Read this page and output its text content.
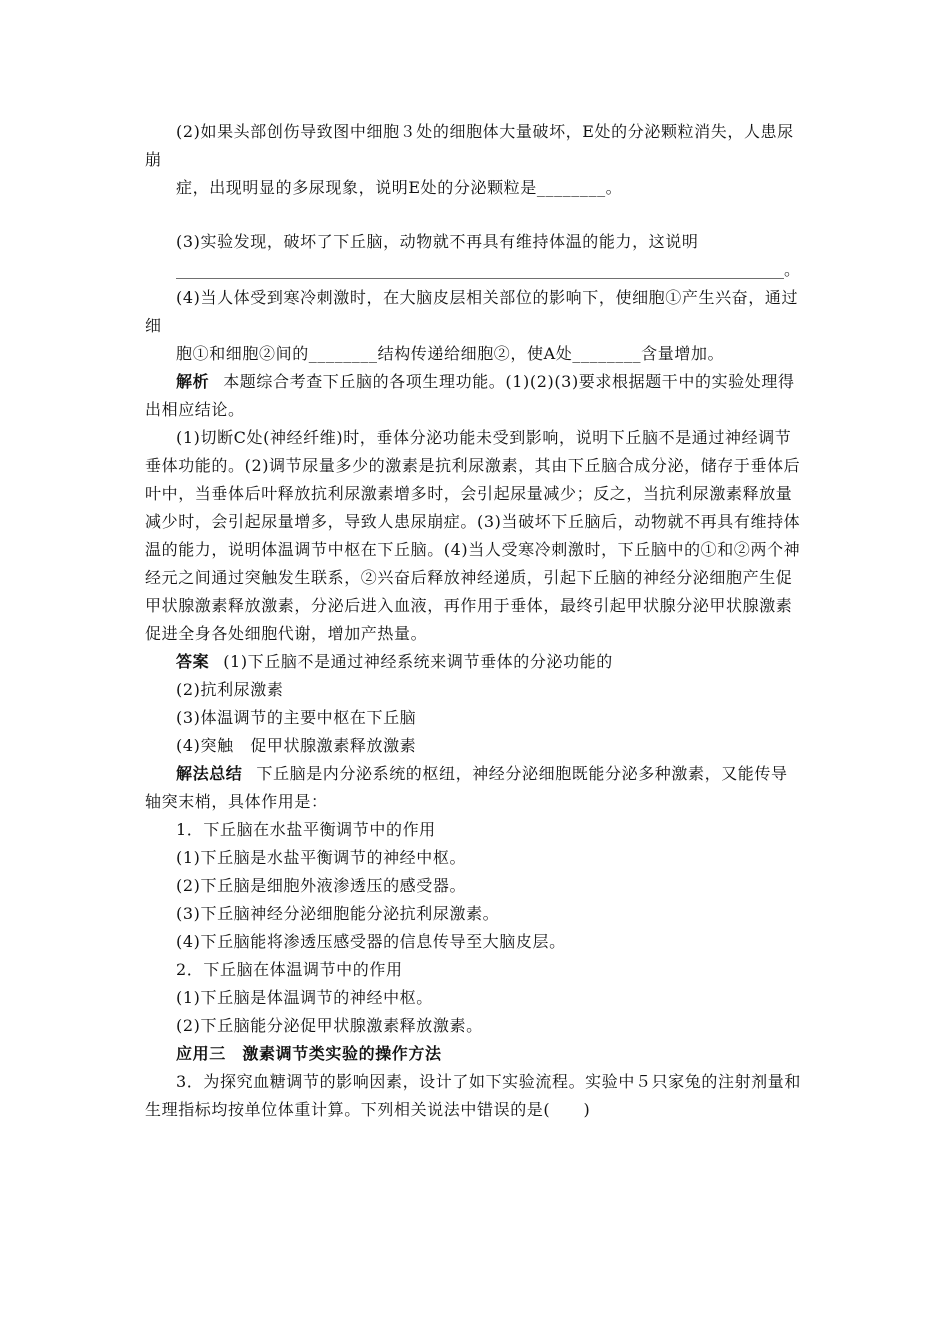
(2)如果头部创伤导致图中细胞３处的细胞体大量破坏，E处的分泌颗粒消失，人患尿
崩
症，出现明显的多尿现象，说明E处的分泌颗粒是________。
(3)实验发现，破坏了下丘脑，动物就不再具有维持体温的能力，这说明
____________________________________________________________________________。
(4)当人体受到寒冷刺激时，在大脑皮层相关部位的影响下，使细胞①产生兴奋，通过
细
胞①和细胞②间的________结构传递给细胞②，使A处________含量增加。
解析 本题综合考查下丘脑的各项生理功能。(1)(2)(3)要求根据题干中的实验处理得
出相应结论。
(1)切断C处(神经纤维)时，垂体分泌功能未受到影响，说明下丘脑不是通过神经调节
垂体功能的。(2)调节尿量多少的激素是抗利尿激素，其由下丘脑合成分泌，储存于垂体后
叶中，当垂体后叶释放抗利尿激素增多时，会引起尿量减少；反之，当抗利尿激素释放量
减少时，会引起尿量增多，导致人患尿崩症。(3)当破坏下丘脑后，动物就不再具有维持体
温的能力，说明体温调节中枢在下丘脑。(4)当人受寒冷刺激时，下丘脑中的①和②两个神
经元之间通过突触发生联系，②兴奋后释放神经递质，引起下丘脑的神经分泌细胞产生促
甲状腺激素释放激素，分泌后进入血液，再作用于垂体，最终引起甲状腺分泌甲状腺激素
促进全身各处细胞代谢，增加产热量。
答案 (1)下丘脑不是通过神经系统来调节垂体的分泌功能的
(2)抗利尿激素
(3)体温调节的主要中枢在下丘脑
(4)突触　促甲状腺激素释放激素
解法总结 下丘脑是内分泌系统的枢纽，神经分泌细胞既能分泌多种激素，又能传导
轴突末梢，具体作用是：
1．下丘脑在水盐平衡调节中的作用
(1)下丘脑是水盐平衡调节的神经中枢。
(2)下丘脑是细胞外液渗透压的感受器。
(3)下丘脑神经分泌细胞能分泌抗利尿激素。
(4)下丘脑能将渗透压感受器的信息传导至大脑皮层。
2．下丘脑在体温调节中的作用
(1)下丘脑是体温调节的神经中枢。
(2)下丘脑能分泌促甲状腺激素释放激素。
应用三　激素调节类实验的操作方法
3．为探究血糖调节的影响因素，设计了如下实验流程。实验中５只家兔的注射剂量和
生理指标均按单位体重计算。下列相关说法中错误的是(　　)
